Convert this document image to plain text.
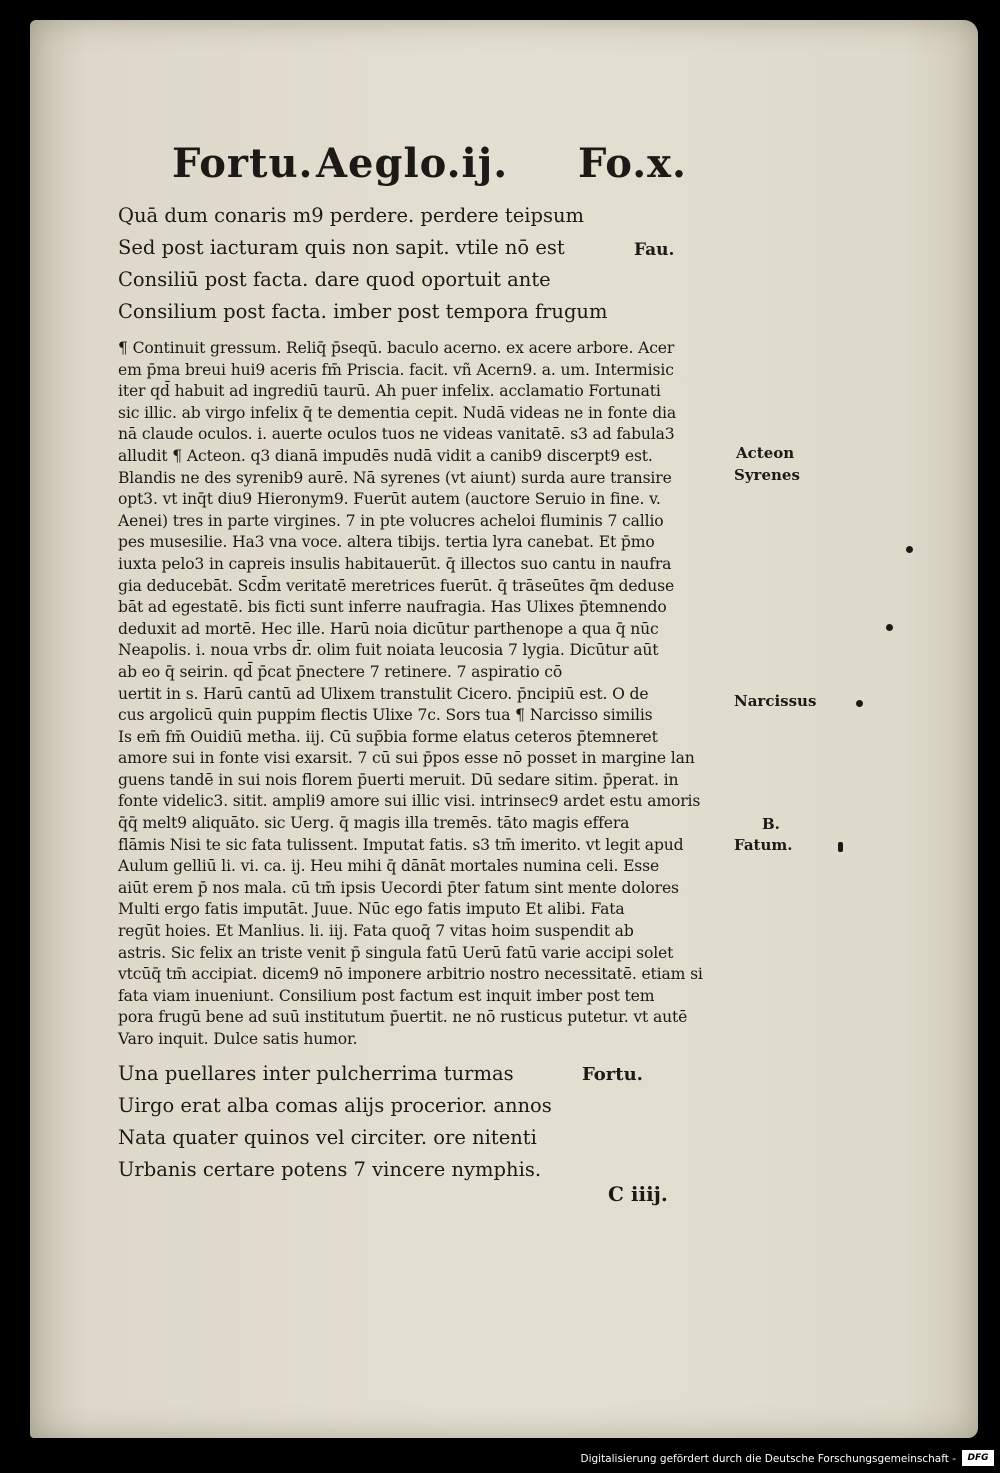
Fortu. Aeglo.ij. Fo.x.
Quā dum conaris m9 perdere. perdere teipsum
Sed post iacturam quis non sapit. vtile nō est
Consiliū post facta. dare quod oportuit ante
Consilium post facta. imber post tempora frugum
Fau.
¶ Continuit gressum. Reliq̄ p̄seqū. baculo acerno. ex acere arbore. Acer
em p̄ma breui hui9 aceris fm̄ Priscia. facit. vñ Acern9. a. um. Intermisic
iter qd̄ habuit ad ingrediū taurū. Ah puer infelix. acclamatio Fortunati
sic illic. ab virgo infelix q̄ te dementia cepit. Nudā videas ne in fonte dia
nā claude oculos. i. auerte oculos tuos ne videas vanitatē. s3 ad fabula3
alludit ¶ Acteon. q3 dianā impudēs nudā vidit a canib9 discerpt9 est.
Blandis ne des syrenib9 aurē. Nā syrenes (vt aiunt) surda aure transire
opt3. vt inq̄t diu9 Hieronym9. Fuerūt autem (auctore Seruio in fine. v.
Aenei) tres in parte virgines. 7 in pte volucres acheloi fluminis 7 callio
pes musesilie. Ha3 vna voce. altera tibijs. tertia lyra canebat. Et p̄mo
iuxta pelo3 in capreis insulis habitauerūt. q̄ illectos suo cantu in naufra
gia deducebāt. Scd̄m veritatē meretrices fuerūt. q̄ trāseūtes q̄m deduse
bāt ad egestatē. bis ficti sunt inferre naufragia. Has Ulixes p̄temnendo
deduxit ad mortē. Hec ille. Harū noia dicūtur parthenope a qua q̄ nūc
Neapolis. i. noua vrbs d̄r. olim fuit noiata leucosia 7 lygia. Dicūtur aūt
ab eo q̄ seirin. qd̄ p̄cat p̄nectere 7 retinere. 7 aspiratio cō
uertit in s. Harū cantū ad Ulixem transtulit Cicero. p̄ncipiū est. O de
cus argolicū quin puppim flectis Ulixe 7c. Sors tua ¶ Narcisso similis
Is em̄ fm̄ Ouidiū metha. iij. Cū sup̄bia forme elatus ceteros p̄temneret
amore sui in fonte visi exarsit. 7 cū sui p̄pos esse nō posset in margine lan
guens tandē in sui nois florem p̄uerti meruit. Dū sedare sitim. p̄perat. in
fonte videlic3. sitit. ampli9 amore sui illic visi. intrinsec9 ardet estu amoris
q̄q̄ melt9 aliquāto. sic Uerg. q̄ magis illa tremēs. tāto magis effera
flāmis Nisi te sic fata tulissent. Imputat fatis. s3 tm̄ imerito. vt legit apud
Aulum gelliū li. vi. ca. ij. Heu mihi q̄ dānāt mortales numina celi. Esse
aiūt erem p̄ nos mala. cū tm̄ ipsis Uecordi p̄ter fatum sint mente dolores
Multi ergo fatis imputāt. Juue. Nūc ego fatis imputo Et alibi. Fata
regūt hoies. Et Manlius. li. iij. Fata quoq̄ 7 vitas hoim suspendit ab
astris. Sic felix an triste venit p̄ singula fatū Uerū fatū varie accipi solet
vtcūq̄ tm̄ accipiat. dicem9 nō imponere arbitrio nostro necessitatē. etiam si
fata viam inueniunt. Consilium post factum est inquit imber post tem
pora frugū bene ad suū institutum p̄uertit. ne nō rusticus putetur. vt autē
Varo inquit. Dulce satis humor.
Acteon
Syrenes
Narcissus
B.
Fatum.
Una puellares inter pulcherrima turmas
Uirgo erat alba comas alijs procerior. annos
Nata quater quinos vel circiter. ore nitenti
Urbanis certare potens 7 vincere nymphis.
Fortu.
C iiij.
Digitalisierung gefördert durch die Deutsche Forschungsgemeinschaft -	DFG
